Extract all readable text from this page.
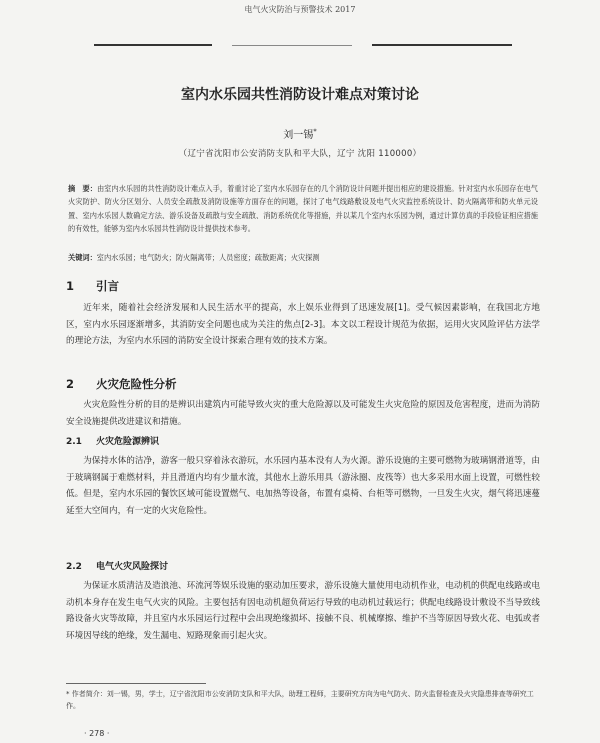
电气火灾防治与预警技术 2017
室内水乐园共性消防设计难点对策讨论
刘一锡*
（辽宁省沈阳市公安消防支队和平大队，辽宁 沈阳 110000）
摘　要：由室内水乐园的共性消防设计难点入手，着重讨论了室内水乐园存在的几个消防设计问题并提出相应的建设措施。针对室内水乐园存在电气火灾防护、防火分区划分、人员安全疏散及消防设施等方面存在的问题，探讨了电气线路敷设及电气火灾监控系统设计、防火隔离带和防火单元设置、室内水乐园人数确定方法、游乐设备及疏散与安全疏散、消防系统优化等措施，并以某几个室内水乐园为例，通过计算仿真的手段验证相应措施的有效性，能够为室内水乐园共性消防设计提供技术参考。
关键词：室内水乐园；电气防火；防火隔离带；人员密度；疏散距离；火灾探测
1 引言

近年来，随着社会经济发展和人民生活水平的提高，水上娱乐业得到了迅速发展[1]。受气候因素影响，在我国北方地区，室内水乐园逐渐增多，其消防安全问题也成为关注的焦点[2-3]。本文以工程设计规范为依据，运用火灾风险评估方法学的理论方法，为室内水乐园的消防安全设计探索合理有效的技术方案。

2 火灾危险性分析

火灾危险性分析的目的是辨识出建筑内可能导致火灾的重大危险源以及可能发生火灾危险的原因及危害程度，进而为消防安全设施提供改进建议和措施。

2.1 火灾危险源辨识

为保持水体的洁净，游客一般只穿着泳衣游玩，水乐园内基本没有人为火源。游乐设施的主要可燃物为玻璃钢滑道等，由于玻璃钢属于难燃材料，并且滑道内均有少量水流，其他水上游乐用具（游泳圈、皮筏等）也大多采用水面上设置，可燃性较低。但是，室内水乐园的餐饮区域可能设置燃气、电加热等设备，布置有桌椅、台柜等可燃物，一旦发生火灾，烟气将迅速蔓延至大空间内，有一定的火灾危险性。

2.2 电气火灾风险探讨

为保证水质清洁及造浪池、环流河等娱乐设施的驱动加压要求，游乐设施大量使用电动机作业，电动机的供配电线路或电动机本身存在发生电气火灾的风险。主要包括有因电动机超负荷运行导致的电动机过载运行；供配电线路设计敷设不当导致线路设备火灾等故障，并且室内水乐园运行过程中会出现绝缘损坏、接触不良、机械摩擦、维护不当等原因导致火花、电弧或者环境因导线的绝缘，发生漏电、短路现象而引起火灾。

* 作者简介：刘一锡，男，学士，辽宁省沈阳市公安消防支队和平大队，助理工程师，主要研究方向为电气防火、防火监督检查及火灾隐患排查等研究工作。
· 278 ·
